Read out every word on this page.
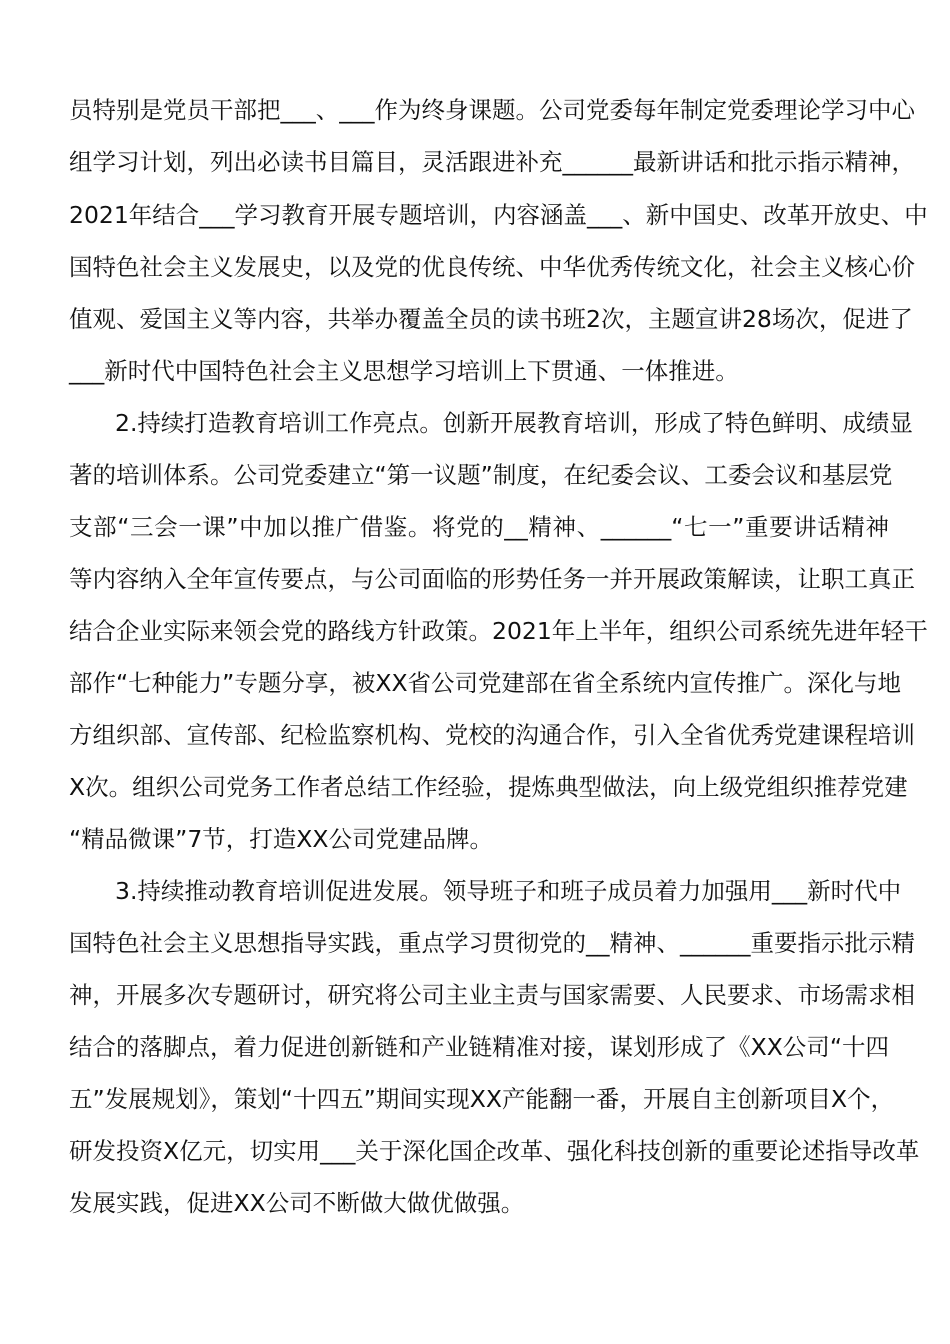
员特别是党员干部把___、___作为终身课题。公司党委每年制定党委理论学习中心
组学习计划，列出必读书目篇目，灵活跟进补充______最新讲话和批示指示精神，
2021年结合___学习教育开展专题培训，内容涵盖___、新中国史、改革开放史、中
国特色社会主义发展史，以及党的优良传统、中华优秀传统文化，社会主义核心价
值观、爱国主义等内容，共举办覆盖全员的读书班2次，主题宣讲28场次，促进了
___新时代中国特色社会主义思想学习培训上下贯通、一体推进。
2.持续打造教育培训工作亮点。创新开展教育培训，形成了特色鲜明、成绩显
著的培训体系。公司党委建立“第一议题”制度，在纪委会议、工委会议和基层党
支部“三会一课”中加以推广借鉴。将党的__精神、______“七一”重要讲话精神
等内容纳入全年宣传要点，与公司面临的形势任务一并开展政策解读，让职工真正
结合企业实际来领会党的路线方针政策。2021年上半年，组织公司系统先进年轻干
部作“七种能力”专题分享，被XX省公司党建部在省全系统内宣传推广。深化与地
方组织部、宣传部、纪检监察机构、党校的沟通合作，引入全省优秀党建课程培训
X次。组织公司党务工作者总结工作经验，提炼典型做法，向上级党组织推荐党建
“精品微课”7节，打造XX公司党建品牌。
3.持续推动教育培训促进发展。领导班子和班子成员着力加强用___新时代中
国特色社会主义思想指导实践，重点学习贯彻党的__精神、______重要指示批示精
神，开展多次专题研讨，研究将公司主业主责与国家需要、人民要求、市场需求相
结合的落脚点，着力促进创新链和产业链精准对接，谋划形成了《XX公司“十四
五”发展规划》，策划“十四五”期间实现XX产能翻一番，开展自主创新项目X个，
研发投资X亿元，切实用___关于深化国企改革、强化科技创新的重要论述指导改革
发展实践，促进XX公司不断做大做优做强。
